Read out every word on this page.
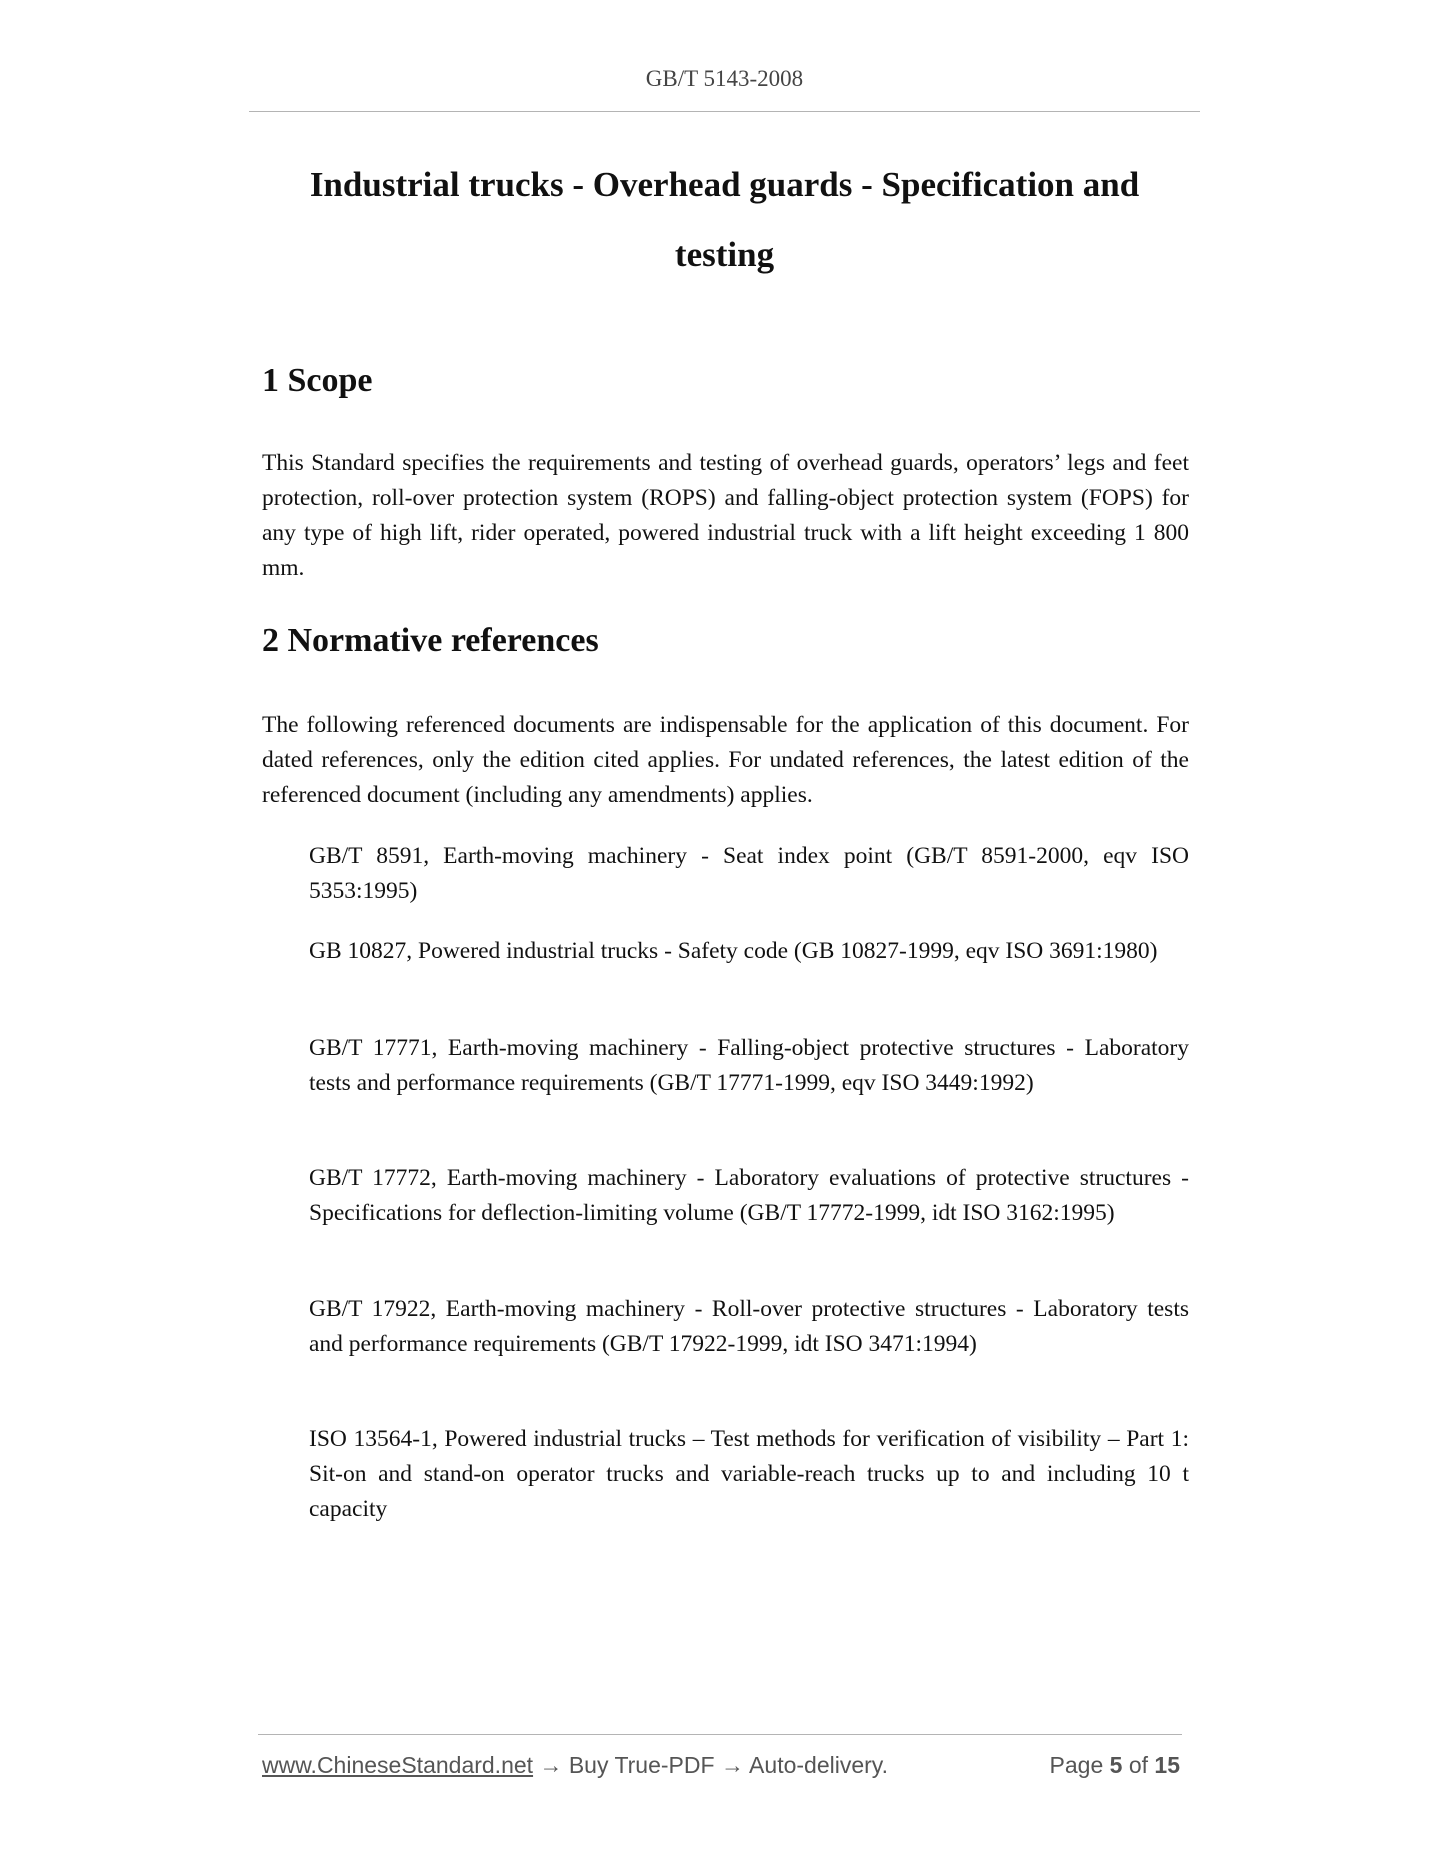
GB/T 5143-2008
Industrial trucks - Overhead guards - Specification and
testing
1 Scope

This Standard specifies the requirements and testing of overhead guards, operators’ legs and feet protection, roll-over protection system (ROPS) and falling-object protection system (FOPS) for any type of high lift, rider operated, powered industrial truck with a lift height exceeding 1 800 mm.

2 Normative references

The following referenced documents are indispensable for the application of this document. For dated references, only the edition cited applies. For undated references, the latest edition of the referenced document (including any amendments) applies.

GB/T 8591, Earth-moving machinery - Seat index point (GB/T 8591-2000, eqv ISO 5353:1995)

GB 10827, Powered industrial trucks - Safety code (GB 10827-1999, eqv ISO 3691:1980)

GB/T 17771, Earth-moving machinery - Falling-object protective structures - Laboratory tests and performance requirements (GB/T 17771-1999, eqv ISO 3449:1992)

GB/T 17772, Earth-moving machinery - Laboratory evaluations of protective structures - Specifications for deflection-limiting volume (GB/T 17772-1999, idt ISO 3162:1995)

GB/T 17922, Earth-moving machinery - Roll-over protective structures - Laboratory tests and performance requirements (GB/T 17922-1999, idt ISO 3471:1994)

ISO 13564-1, Powered industrial trucks – Test methods for verification of visibility – Part 1: Sit-on and stand-on operator trucks and variable-reach trucks up to and including 10 t capacity

www.ChineseStandard.net → Buy True-PDF → Auto-delivery.	Page 5 of 15
